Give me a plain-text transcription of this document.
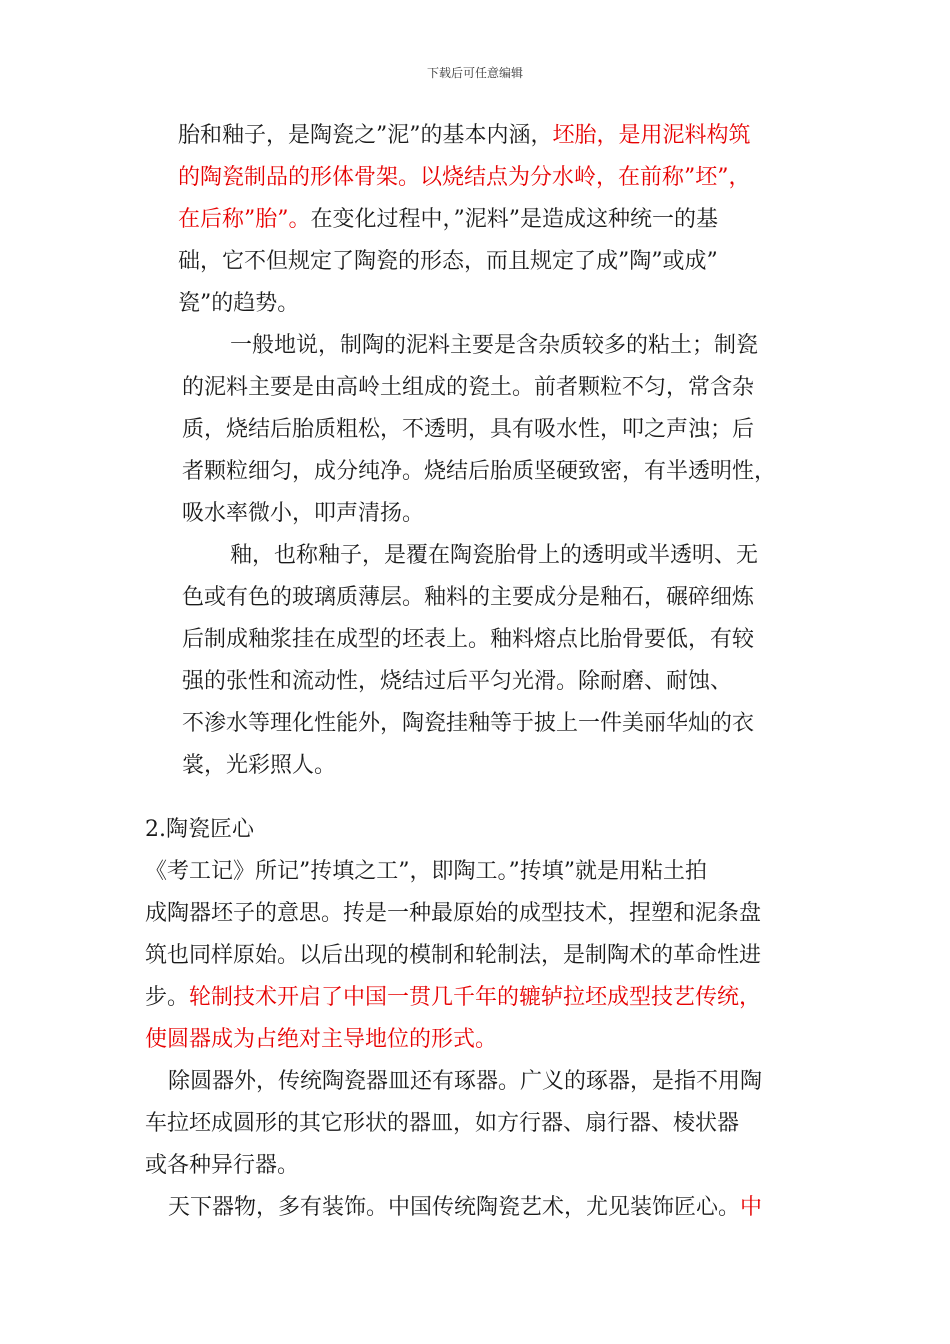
下载后可任意编辑
胎和釉子，是陶瓷之”泥”的基本内涵，坯胎，是用泥料构筑
的陶瓷制品的形体骨架。以烧结点为分水岭，在前称”坯”，
在后称”胎”。在变化过程中，”泥料”是造成这种统一的基
础，它不但规定了陶瓷的形态，而且规定了成”陶”或成”
瓷”的趋势。
一般地说，制陶的泥料主要是含杂质较多的粘土；制瓷
的泥料主要是由高岭土组成的瓷土。前者颗粒不匀，常含杂
质，烧结后胎质粗松，不透明，具有吸水性，叩之声浊；后
者颗粒细匀，成分纯净。烧结后胎质坚硬致密，有半透明性，
吸水率微小，叩声清扬。
釉，也称釉子，是覆在陶瓷胎骨上的透明或半透明、无
色或有色的玻璃质薄层。釉料的主要成分是釉石，碾碎细炼
后制成釉浆挂在成型的坯表上。釉料熔点比胎骨要低，有较
强的张性和流动性，烧结过后平匀光滑。除耐磨、耐蚀、
不渗水等理化性能外，陶瓷挂釉等于披上一件美丽华灿的衣
裳，光彩照人。
2.陶瓷匠心
《考工记》所记”抟填之工”，即陶工。”抟填”就是用粘土拍
成陶器坯子的意思。抟是一种最原始的成型技术，捏塑和泥条盘
筑也同样原始。以后出现的模制和轮制法，是制陶术的革命性进
步。轮制技术开启了中国一贯几千年的辘轳拉坯成型技艺传统，
使圆器成为占绝对主导地位的形式。
除圆器外，传统陶瓷器皿还有琢器。广义的琢器，是指不用陶
车拉坯成圆形的其它形状的器皿，如方行器、扇行器、棱状器
或各种异行器。
天下器物，多有装饰。中国传统陶瓷艺术，尤见装饰匠心。中
